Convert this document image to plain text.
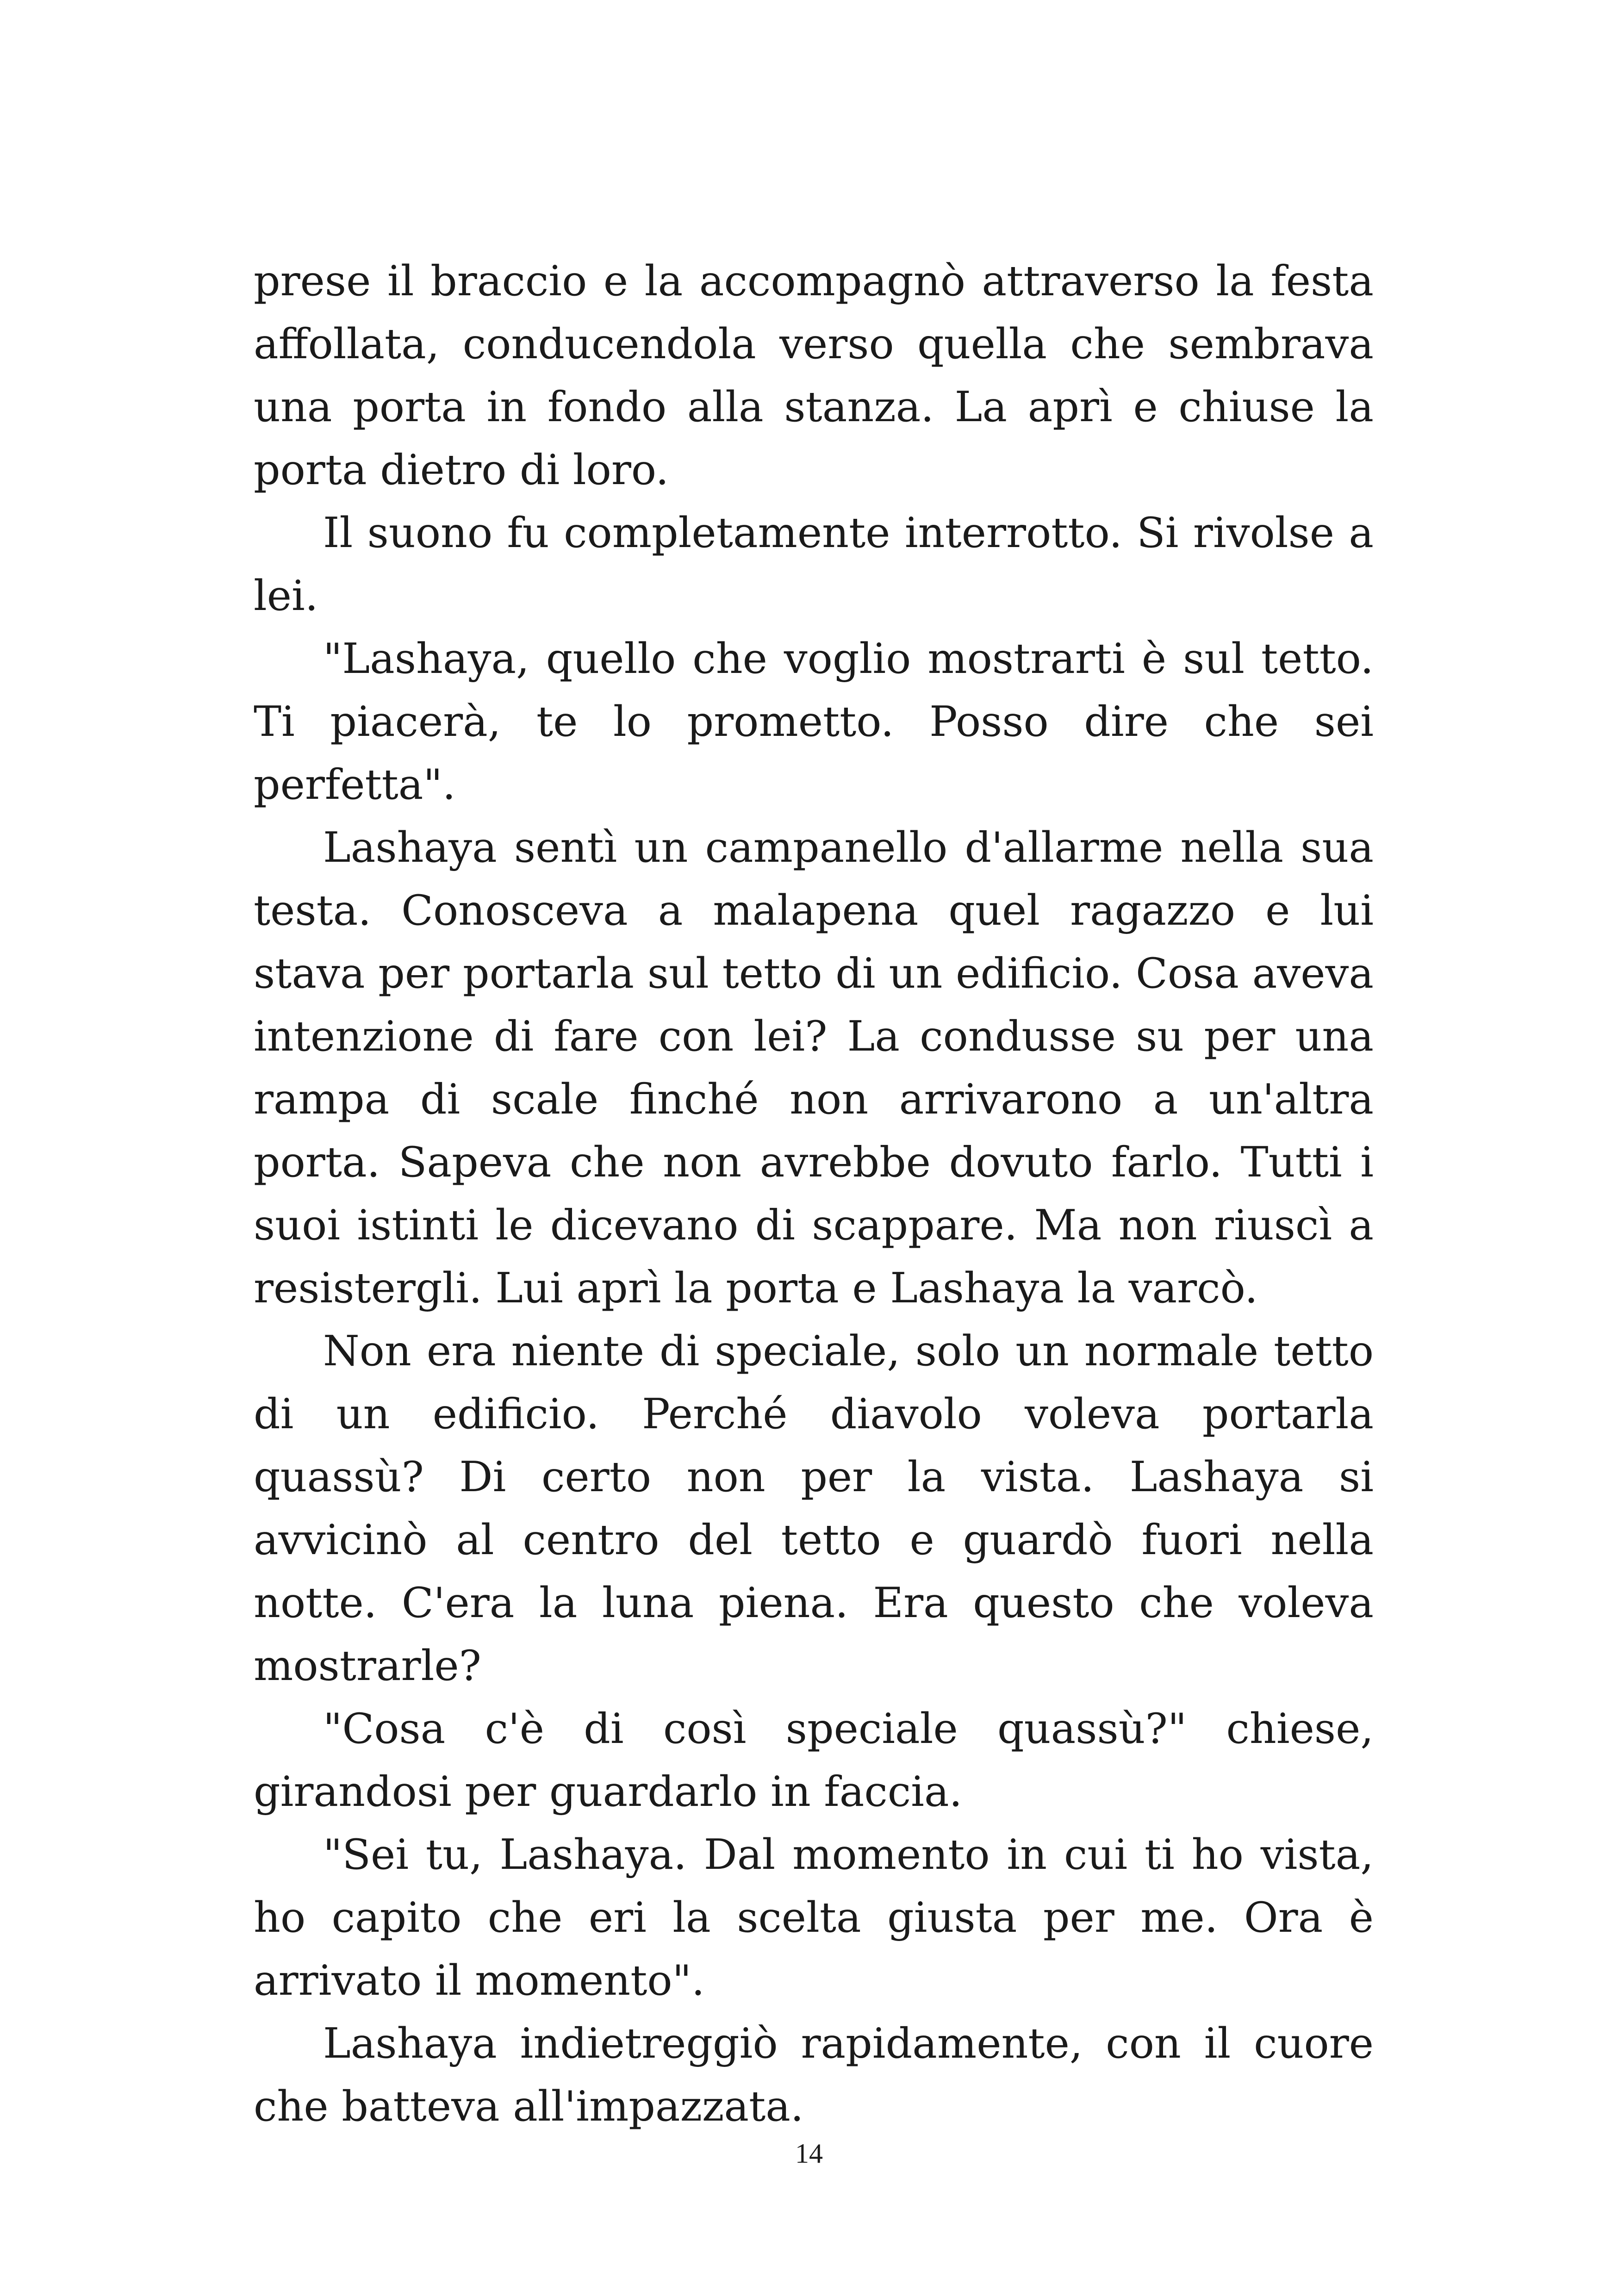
prese il braccio e la accompagnò attraverso la festa affollata, conducendola verso quella che sembrava una porta in fondo alla stanza. La aprì e chiuse la porta dietro di loro.

Il suono fu completamente interrotto. Si rivolse a lei.

"Lashaya, quello che voglio mostrarti è sul tetto. Ti piacerà, te lo prometto. Posso dire che sei perfetta".

Lashaya sentì un campanello d'allarme nella sua testa. Conosceva a malapena quel ragazzo e lui stava per portarla sul tetto di un edificio. Cosa aveva intenzione di fare con lei? La condusse su per una rampa di scale finché non arrivarono a un'altra porta. Sapeva che non avrebbe dovuto farlo. Tutti i suoi istinti le dicevano di scappare. Ma non riuscì a resistergli. Lui aprì la porta e Lashaya la varcò.

Non era niente di speciale, solo un normale tetto di un edificio. Perché diavolo voleva portarla quassù? Di certo non per la vista. Lashaya si avvicinò al centro del tetto e guardò fuori nella notte. C'era la luna piena. Era questo che voleva mostrarle?

"Cosa c'è di così speciale quassù?" chiese, girandosi per guardarlo in faccia.

"Sei tu, Lashaya. Dal momento in cui ti ho vista, ho capito che eri la scelta giusta per me. Ora è arrivato il momento".

Lashaya indietreggiò rapidamente, con il cuore che batteva all'impazzata.

14
